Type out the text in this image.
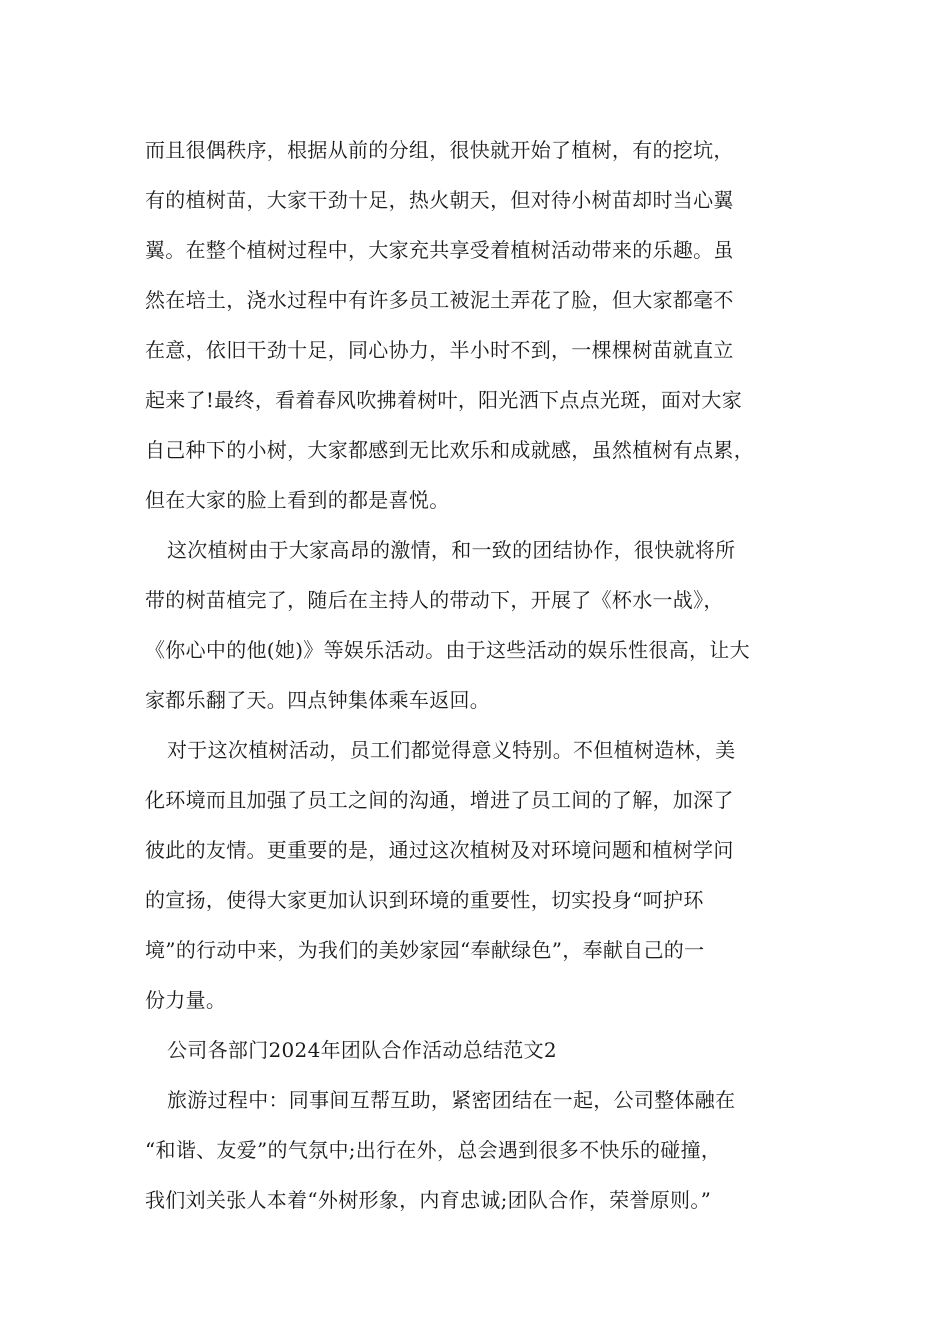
而且很偶秩序，根据从前的分组，很快就开始了植树，有的挖坑，
有的植树苗，大家干劲十足，热火朝天，但对待小树苗却时当心翼
翼。在整个植树过程中，大家充共享受着植树活动带来的乐趣。虽
然在培土，浇水过程中有许多员工被泥土弄花了脸，但大家都毫不
在意，依旧干劲十足，同心协力，半小时不到，一棵棵树苗就直立
起来了!最终，看着春风吹拂着树叶，阳光洒下点点光斑，面对大家
自己种下的小树，大家都感到无比欢乐和成就感，虽然植树有点累，
但在大家的脸上看到的都是喜悦。
这次植树由于大家高昂的激情，和一致的团结协作，很快就将所
带的树苗植完了，随后在主持人的带动下，开展了《杯水一战》，
《你心中的他(她)》等娱乐活动。由于这些活动的娱乐性很高，让大
家都乐翻了天。四点钟集体乘车返回。
对于这次植树活动，员工们都觉得意义特别。不但植树造林，美
化环境而且加强了员工之间的沟通，增进了员工间的了解，加深了
彼此的友情。更重要的是，通过这次植树及对环境问题和植树学问
的宣扬，使得大家更加认识到环境的重要性，切实投身“呵护环
境”的行动中来，为我们的美妙家园“奉献绿色”，奉献自己的一
份力量。
公司各部门2024年团队合作活动总结范文2
旅游过程中：同事间互帮互助，紧密团结在一起，公司整体融在
“和谐、友爱”的气氛中;出行在外，总会遇到很多不快乐的碰撞，
我们刘关张人本着“外树形象，内育忠诚;团队合作，荣誉原则。”
